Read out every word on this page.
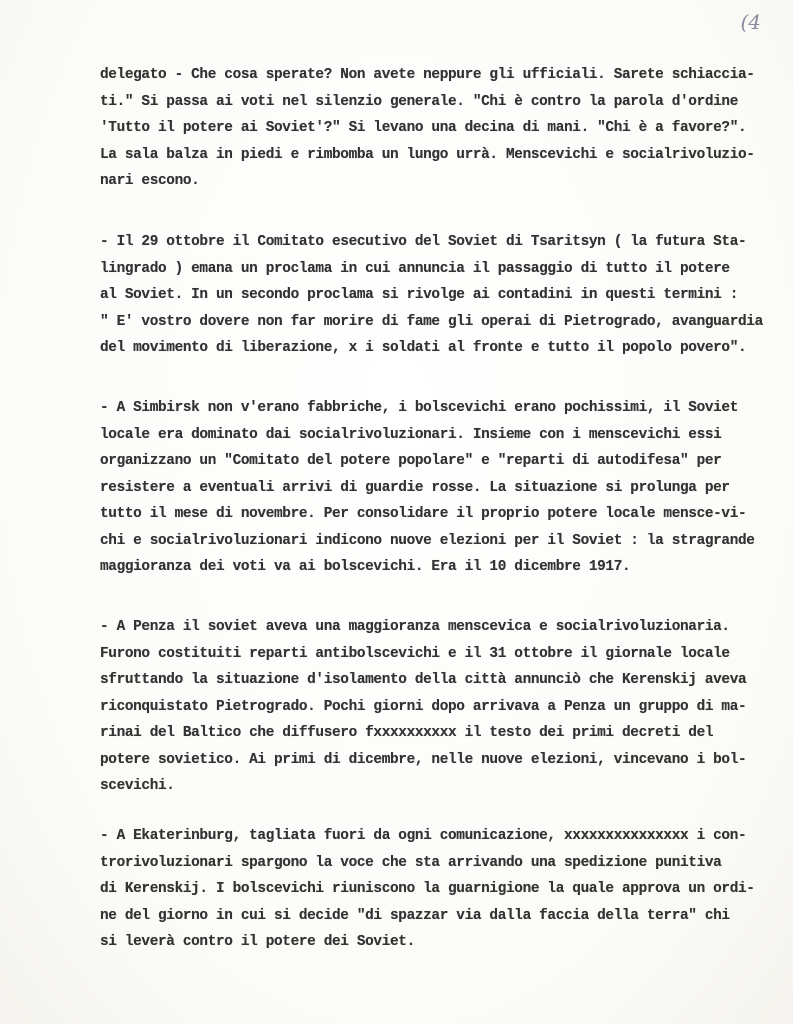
(4
delegato - Che cosa sperate? Non avete neppure gli ufficiali. Sarete schiaccia-
ti." Si passa ai voti nel silenzio generale. "Chi è contro la parola d'ordine
'Tutto il potere ai Soviet'?" Si levano una decina di mani. "Chi è a favore?".
La sala balza in piedi e rimbomba un lungo urrà. Menscevichi e socialrivoluzio-
nari escono.
- Il 29 ottobre il Comitato esecutivo del Soviet di Tsaritsyn ( la futura Sta-
lingrado ) emana un proclama in cui annuncia il passaggio di tutto il potere
al Soviet. In un secondo proclama si rivolge ai contadini in questi termini :
" E' vostro dovere non far morire di fame gli operai di Pietrogrado, avanguardia
del movimento di liberazione, x i soldati al fronte e tutto il popolo povero".
- A Simbirsk non v'erano fabbriche, i bolscevichi erano pochissimi, il Soviet
locale era dominato dai socialrivoluzionari. Insieme con i menscevichi essi
organizzano un "Comitato del potere popolare" e "reparti di autodifesa" per
resistere a eventuali arrivi di guardie rosse. La situazione si prolunga per
tutto il mese di novembre. Per consolidare il proprio potere locale mensce-vi-
chi e socialrivoluzionari indicono nuove elezioni per il Soviet : la stragrande
maggioranza dei voti va ai bolscevichi. Era il 10 dicembre 1917.
- A Penza il soviet aveva una maggioranza menscevica e socialrivoluzionaria.
Furono costituiti reparti antibolscevichi e il 31 ottobre il giornale locale
sfruttando la situazione d'isolamento della città annunciò che Kerenskij aveva
riconquistato Pietrogrado. Pochi giorni dopo arrivava a Penza un gruppo di ma-
rinai del Baltico che diffusero fxxxxxxxxxx il testo dei primi decreti del
potere sovietico. Ai primi di dicembre, nelle nuove elezioni, vincevano i bol-
scevichi.
- A Ekaterinburg, tagliata fuori da ogni comunicazione, xxxxxxxxxxxxxxx i con-
trorivoluzionari spargono la voce che sta arrivando una spedizione punitiva
di Kerenskij. I bolscevichi riuniscono la guarnigione la quale approva un ordi-
ne del giorno in cui si decide "di spazzar via dalla faccia della terra" chi
si leverà contro il potere dei Soviet.
